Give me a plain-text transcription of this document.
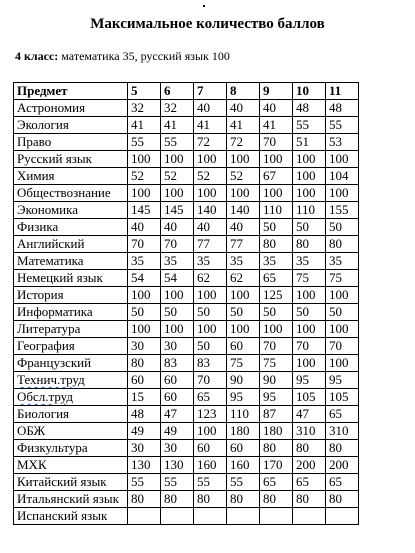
Максимальное количество баллов
4 класс: математика 35, русский язык 100
Предмет	5	6	7	8	9	10	11
Астрономия	32	32	40	40	40	48	48
Экология	41	41	41	41	41	55	55
Право	55	55	72	72	70	51	53
Русский язык	100	100	100	100	100	100	100
Химия	52	52	52	52	67	100	104
Обществознание	100	100	100	100	100	100	100
Экономика	145	145	140	140	110	110	155
Физика	40	40	40	40	50	50	50
Английский	70	70	77	77	80	80	80
Математика	35	35	35	35	35	35	35
Немецкий язык	54	54	62	62	65	75	75
История	100	100	100	100	125	100	100
Информатика	50	50	50	50	50	50	50
Литература	100	100	100	100	100	100	100
География	30	30	50	60	70	70	70
Французский	80	83	83	75	75	100	100
Технич.труд	60	60	70	90	90	95	95
Обсл.труд	15	60	65	95	95	105	105
Биология	48	47	123	110	87	47	65
ОБЖ	49	49	100	180	180	310	310
Физкультура	30	30	60	60	80	80	80
МХК	130	130	160	160	170	200	200
Китайский язык	55	55	55	55	65	65	65
Итальянский язык	80	80	80	80	80	80	80
Испанский язык							
